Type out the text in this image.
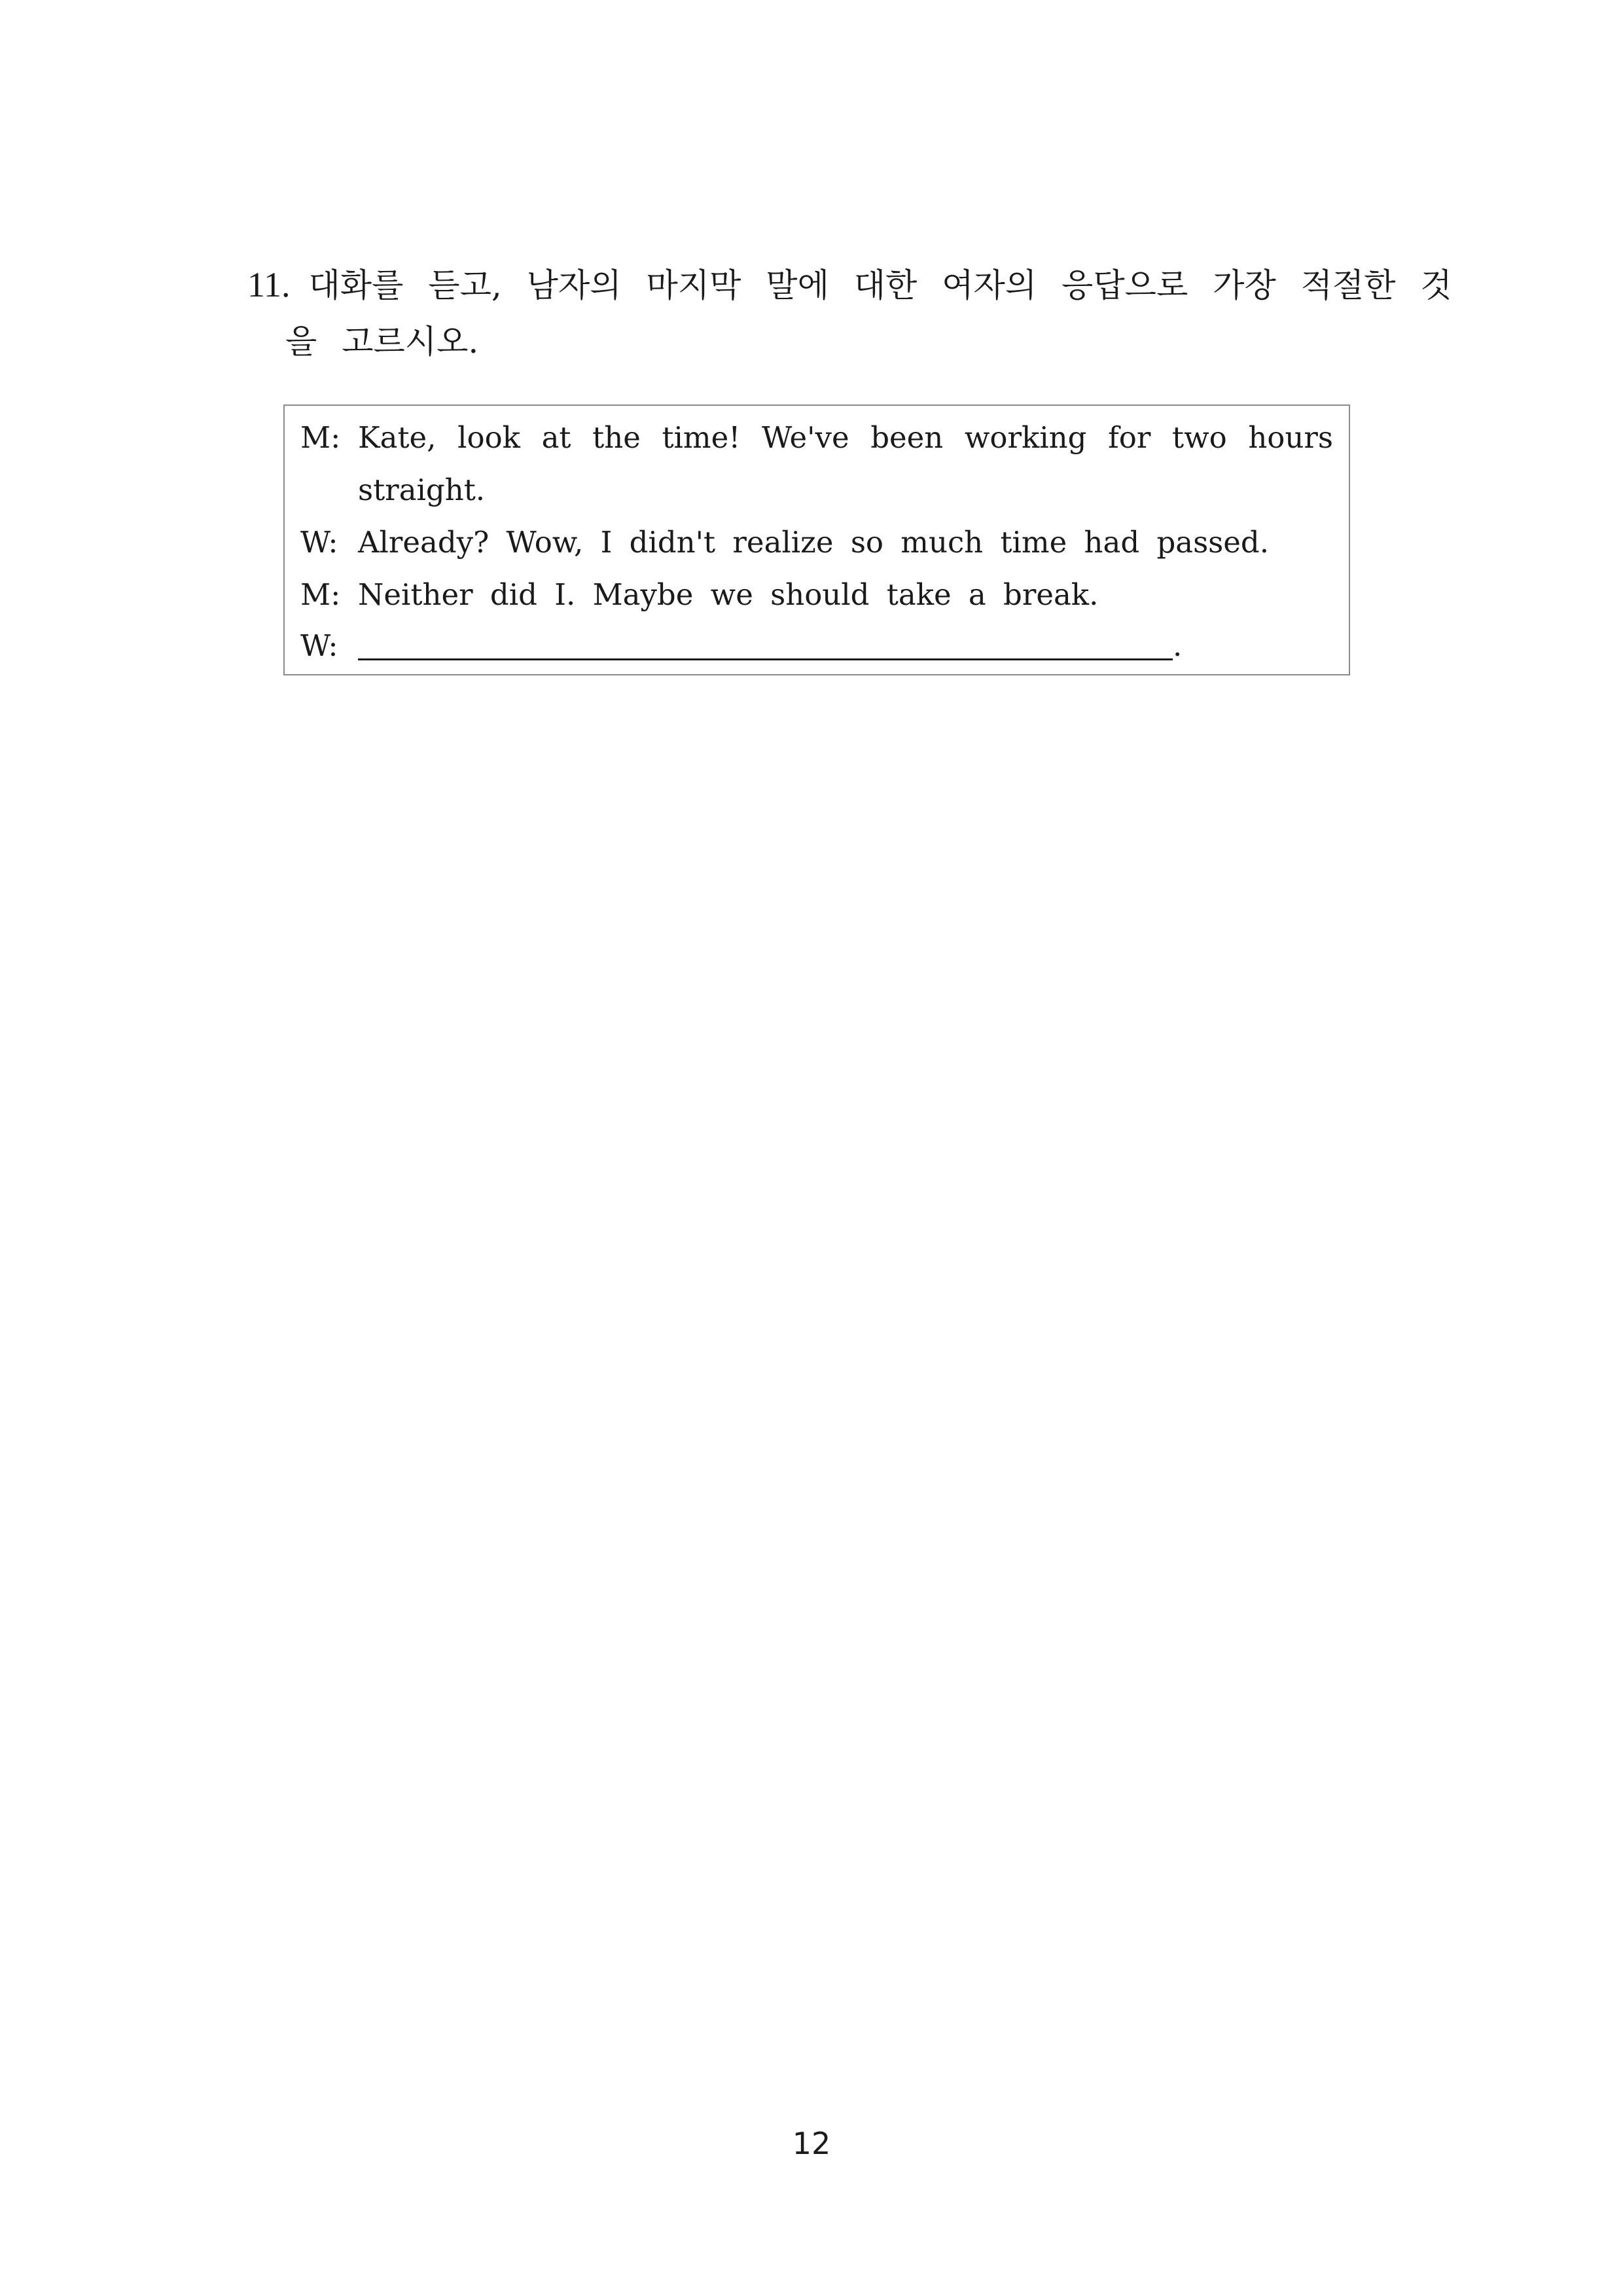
11. 대화를 듣고, 남자의 마지막 말에 대한 여자의 응답으로 가장 적절한 것
을 고르시오.
M: Kate, look at the time! We've been working for two hours
straight.
W: Already? Wow, I didn't realize so much time had passed.
M: Neither did I. Maybe we should take a break.
W:	.
12
